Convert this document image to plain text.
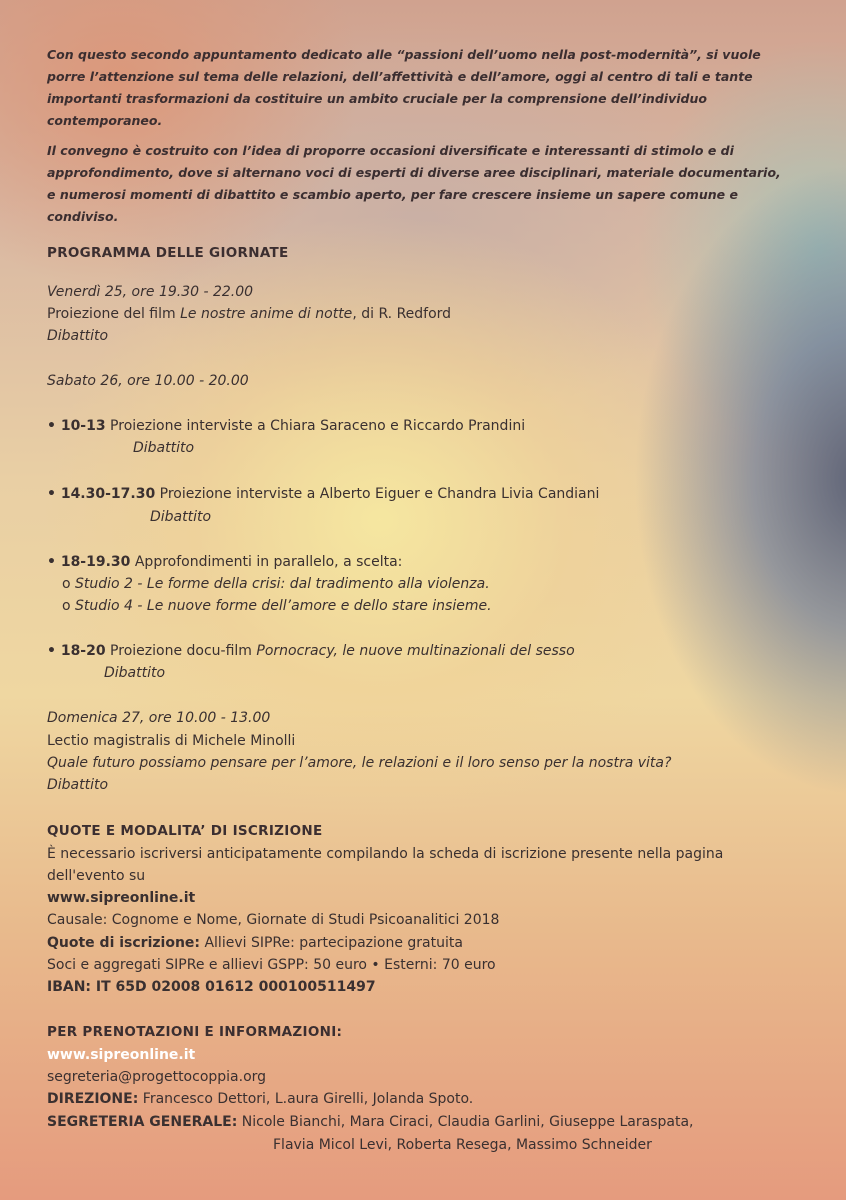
Con questo secondo appuntamento dedicato alle “passioni dell’uomo nella post-modernità”, si vuole
porre l’attenzione sul tema delle relazioni, dell’affettività e dell’amore, oggi al centro di tali e tante
importanti trasformazioni da costituire un ambito cruciale per la comprensione dell’individuo
contemporaneo.
Il convegno è costruito con l’idea di proporre occasioni diversificate e interessanti di stimolo e di
approfondimento, dove si alternano voci di esperti di diverse aree disciplinari, materiale documentario,
e numerosi momenti di dibattito e scambio aperto, per fare crescere insieme un sapere comune e
condiviso.
PROGRAMMA DELLE GIORNATE
Venerdì 25, ore 19.30 - 22.00
Proiezione del film Le nostre anime di notte, di R. Redford
Dibattito
Sabato 26, ore 10.00 - 20.00
• 10-13 Proiezione interviste a Chiara Saraceno e Riccardo Prandini
Dibattito
• 14.30-17.30 Proiezione interviste a Alberto Eiguer e Chandra Livia Candiani
Dibattito
• 18-19.30 Approfondimenti in parallelo, a scelta:
o Studio 2 - Le forme della crisi: dal tradimento alla violenza.
o Studio 4 - Le nuove forme dell’amore e dello stare insieme.
• 18-20 Proiezione docu-film Pornocracy, le nuove multinazionali del sesso
Dibattito
Domenica 27, ore 10.00 - 13.00
Lectio magistralis di Michele Minolli
Quale futuro possiamo pensare per l’amore, le relazioni e il loro senso per la nostra vita?
Dibattito
QUOTE E MODALITA’ DI ISCRIZIONE
È necessario iscriversi anticipatamente compilando la scheda di iscrizione presente nella pagina
dell'evento su
www.sipreonline.it
Causale: Cognome e Nome, Giornate di Studi Psicoanalitici 2018
Quote di iscrizione: Allievi SIPRe: partecipazione gratuita
Soci e aggregati SIPRe e allievi GSPP: 50 euro • Esterni: 70 euro
IBAN: IT 65D 02008 01612 000100511497
PER PRENOTAZIONI E INFORMAZIONI:
www.sipreonline.it
segreteria@progettocoppia.org
DIREZIONE: Francesco Dettori, L.aura Girelli, Jolanda Spoto.
SEGRETERIA GENERALE: Nicole Bianchi, Mara Ciraci, Claudia Garlini, Giuseppe Laraspata,
Flavia Micol Levi, Roberta Resega, Massimo Schneider
